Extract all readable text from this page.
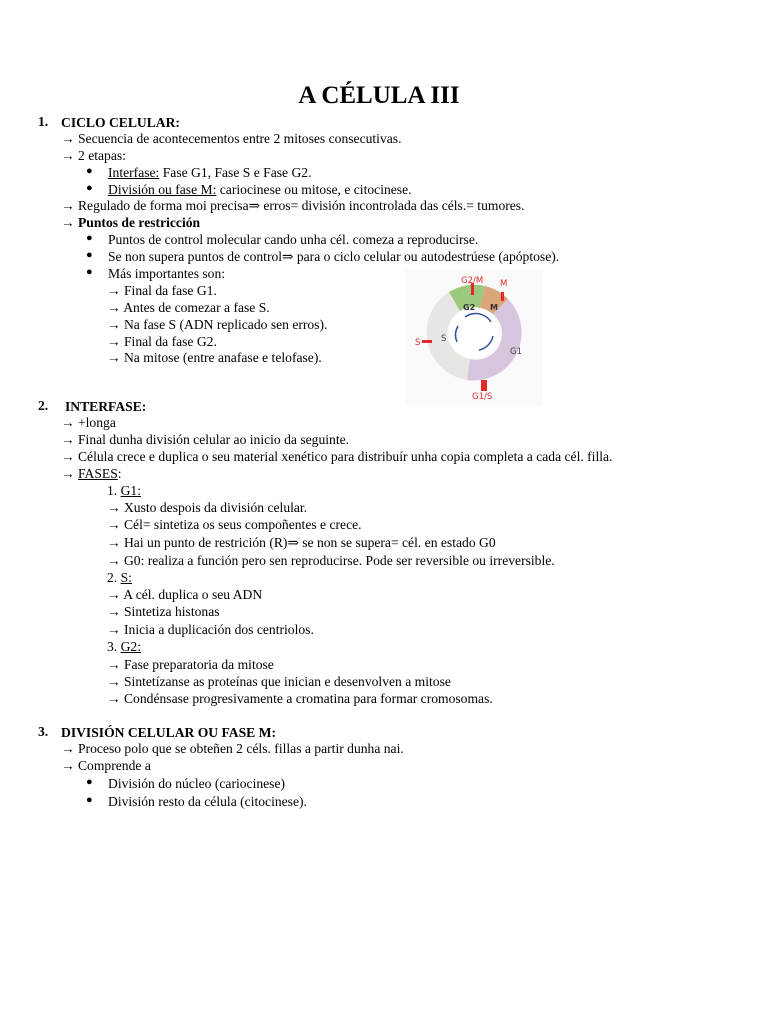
A CÉLULA III
1. CICLO CELULAR:
→ Secuencia de acontecementos entre 2 mitoses consecutivas.
→ 2 etapas:
● Interfase: Fase G1, Fase S e Fase G2.
● División ou fase M: cariocinese ou mitose, e citocinese.
→ Regulado de forma moi precisa⇒ erros= división incontrolada das céls.= tumores.
→ Puntos de restricción
● Puntos de control molecular cando unha cél. comeza a reproducirse.
● Se non supera puntos de control⇒ para o ciclo celular ou autodestrúese (apóptose).
● Más importantes son:
→ Final da fase G1.
→ Antes de comezar a fase S.
→ Na fase S (ADN replicado sen erros).
→ Final da fase G2.
→ Na mitose (entre anafase e telofase).
G2/M M
G2 M
S S
G1
G1/S
2. INTERFASE:
→ +longa
→ Final dunha división celular ao inicio da seguinte.
→ Célula crece e duplica o seu material xenético para distribuír unha copia completa a cada cél. filla.
→ FASES:
1. G1:
→ Xusto despois da división celular.
→ Cél= sintetiza os seus compoñentes e crece.
→ Hai un punto de restrición (R)⇒ se non se supera= cél. en estado G0
→ G0: realiza a función pero sen reproducirse. Pode ser reversible ou irreversible.
2. S:
→ A cél. duplica o seu ADN
→ Sintetiza histonas
→ Inicia a duplicación dos centriolos.
3. G2:
→ Fase preparatoria da mitose
→ Sintetízanse as proteínas que inician e desenvolven a mitose
→ Condénsase progresivamente a cromatina para formar cromosomas.
3. DIVISIÓN CELULAR OU FASE M:
→ Proceso polo que se obteñen 2 céls. fillas a partir dunha nai.
→ Comprende a
● División do núcleo (cariocinese)
● División resto da célula (citocinese).
